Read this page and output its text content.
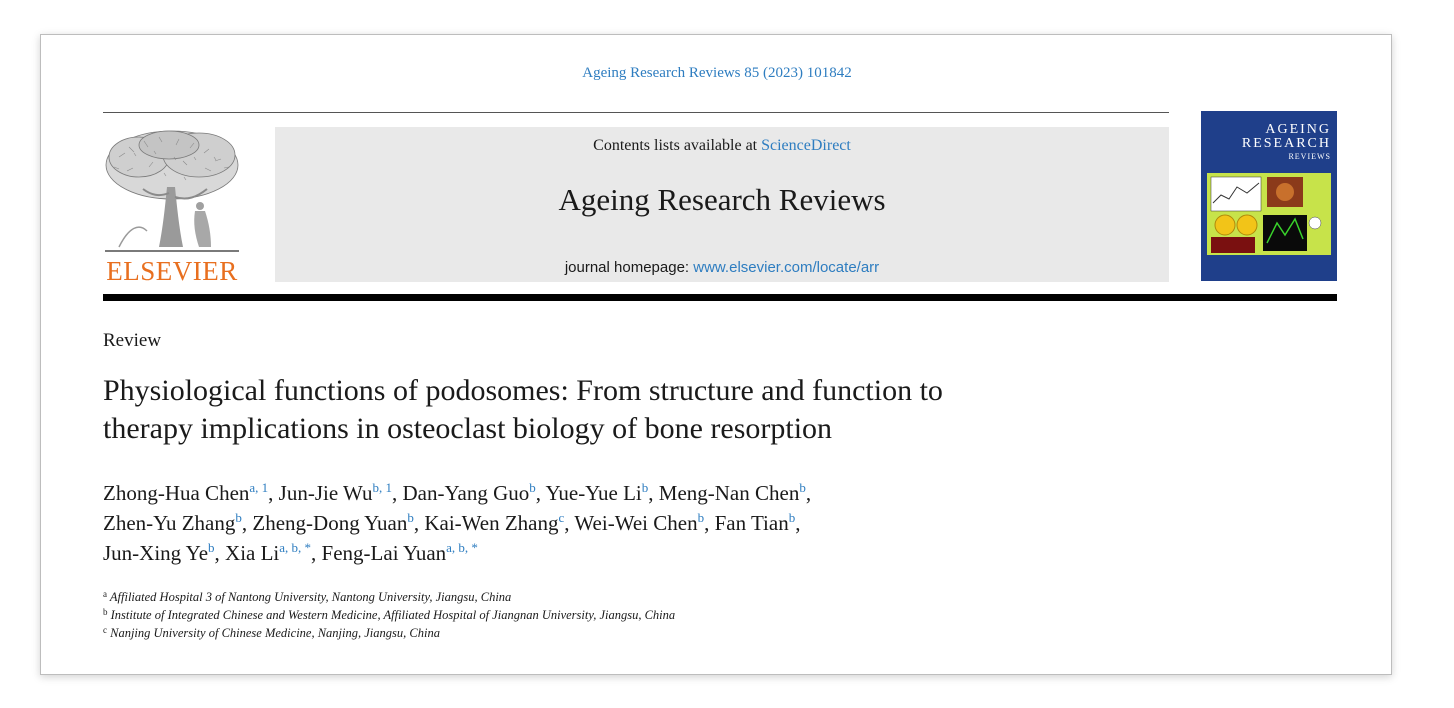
Ageing Research Reviews 85 (2023) 101842
ELSEVIER
Contents lists available at ScienceDirect
Ageing Research Reviews
journal homepage: www.elsevier.com/locate/arr
AGEING
RESEARCH
REVIEWS
Review
Physiological functions of podosomes: From structure and function to
therapy implications in osteoclast biology of bone resorption
Zhong-Hua Chen$^{a, 1}$, Jun-Jie Wu$^{b, 1}$, Dan-Yang Guo$^b$, Yue-Yue Li$^b$, Meng-Nan Chen$^b$,
Zhen-Yu Zhang$^b$, Zheng-Dong Yuan$^b$, Kai-Wen Zhang$^c$, Wei-Wei Chen$^b$, Fan Tian$^b$,
Jun-Xing Ye$^b$, Xia $Li^{a, b, *}$, Feng-Lai Yuan$^{a, b, *}$
$^a$ Affiliated Hospital 3 of Nantong University, Nantong University, Jiangsu, China
$^b$ Institute of Integrated Chinese and Western Medicine, Affiliated Hospital of Jiangnan University, Jiangsu, China
$^c$ Nanjing University of Chinese Medicine, Nanjing, Jiangsu, China
